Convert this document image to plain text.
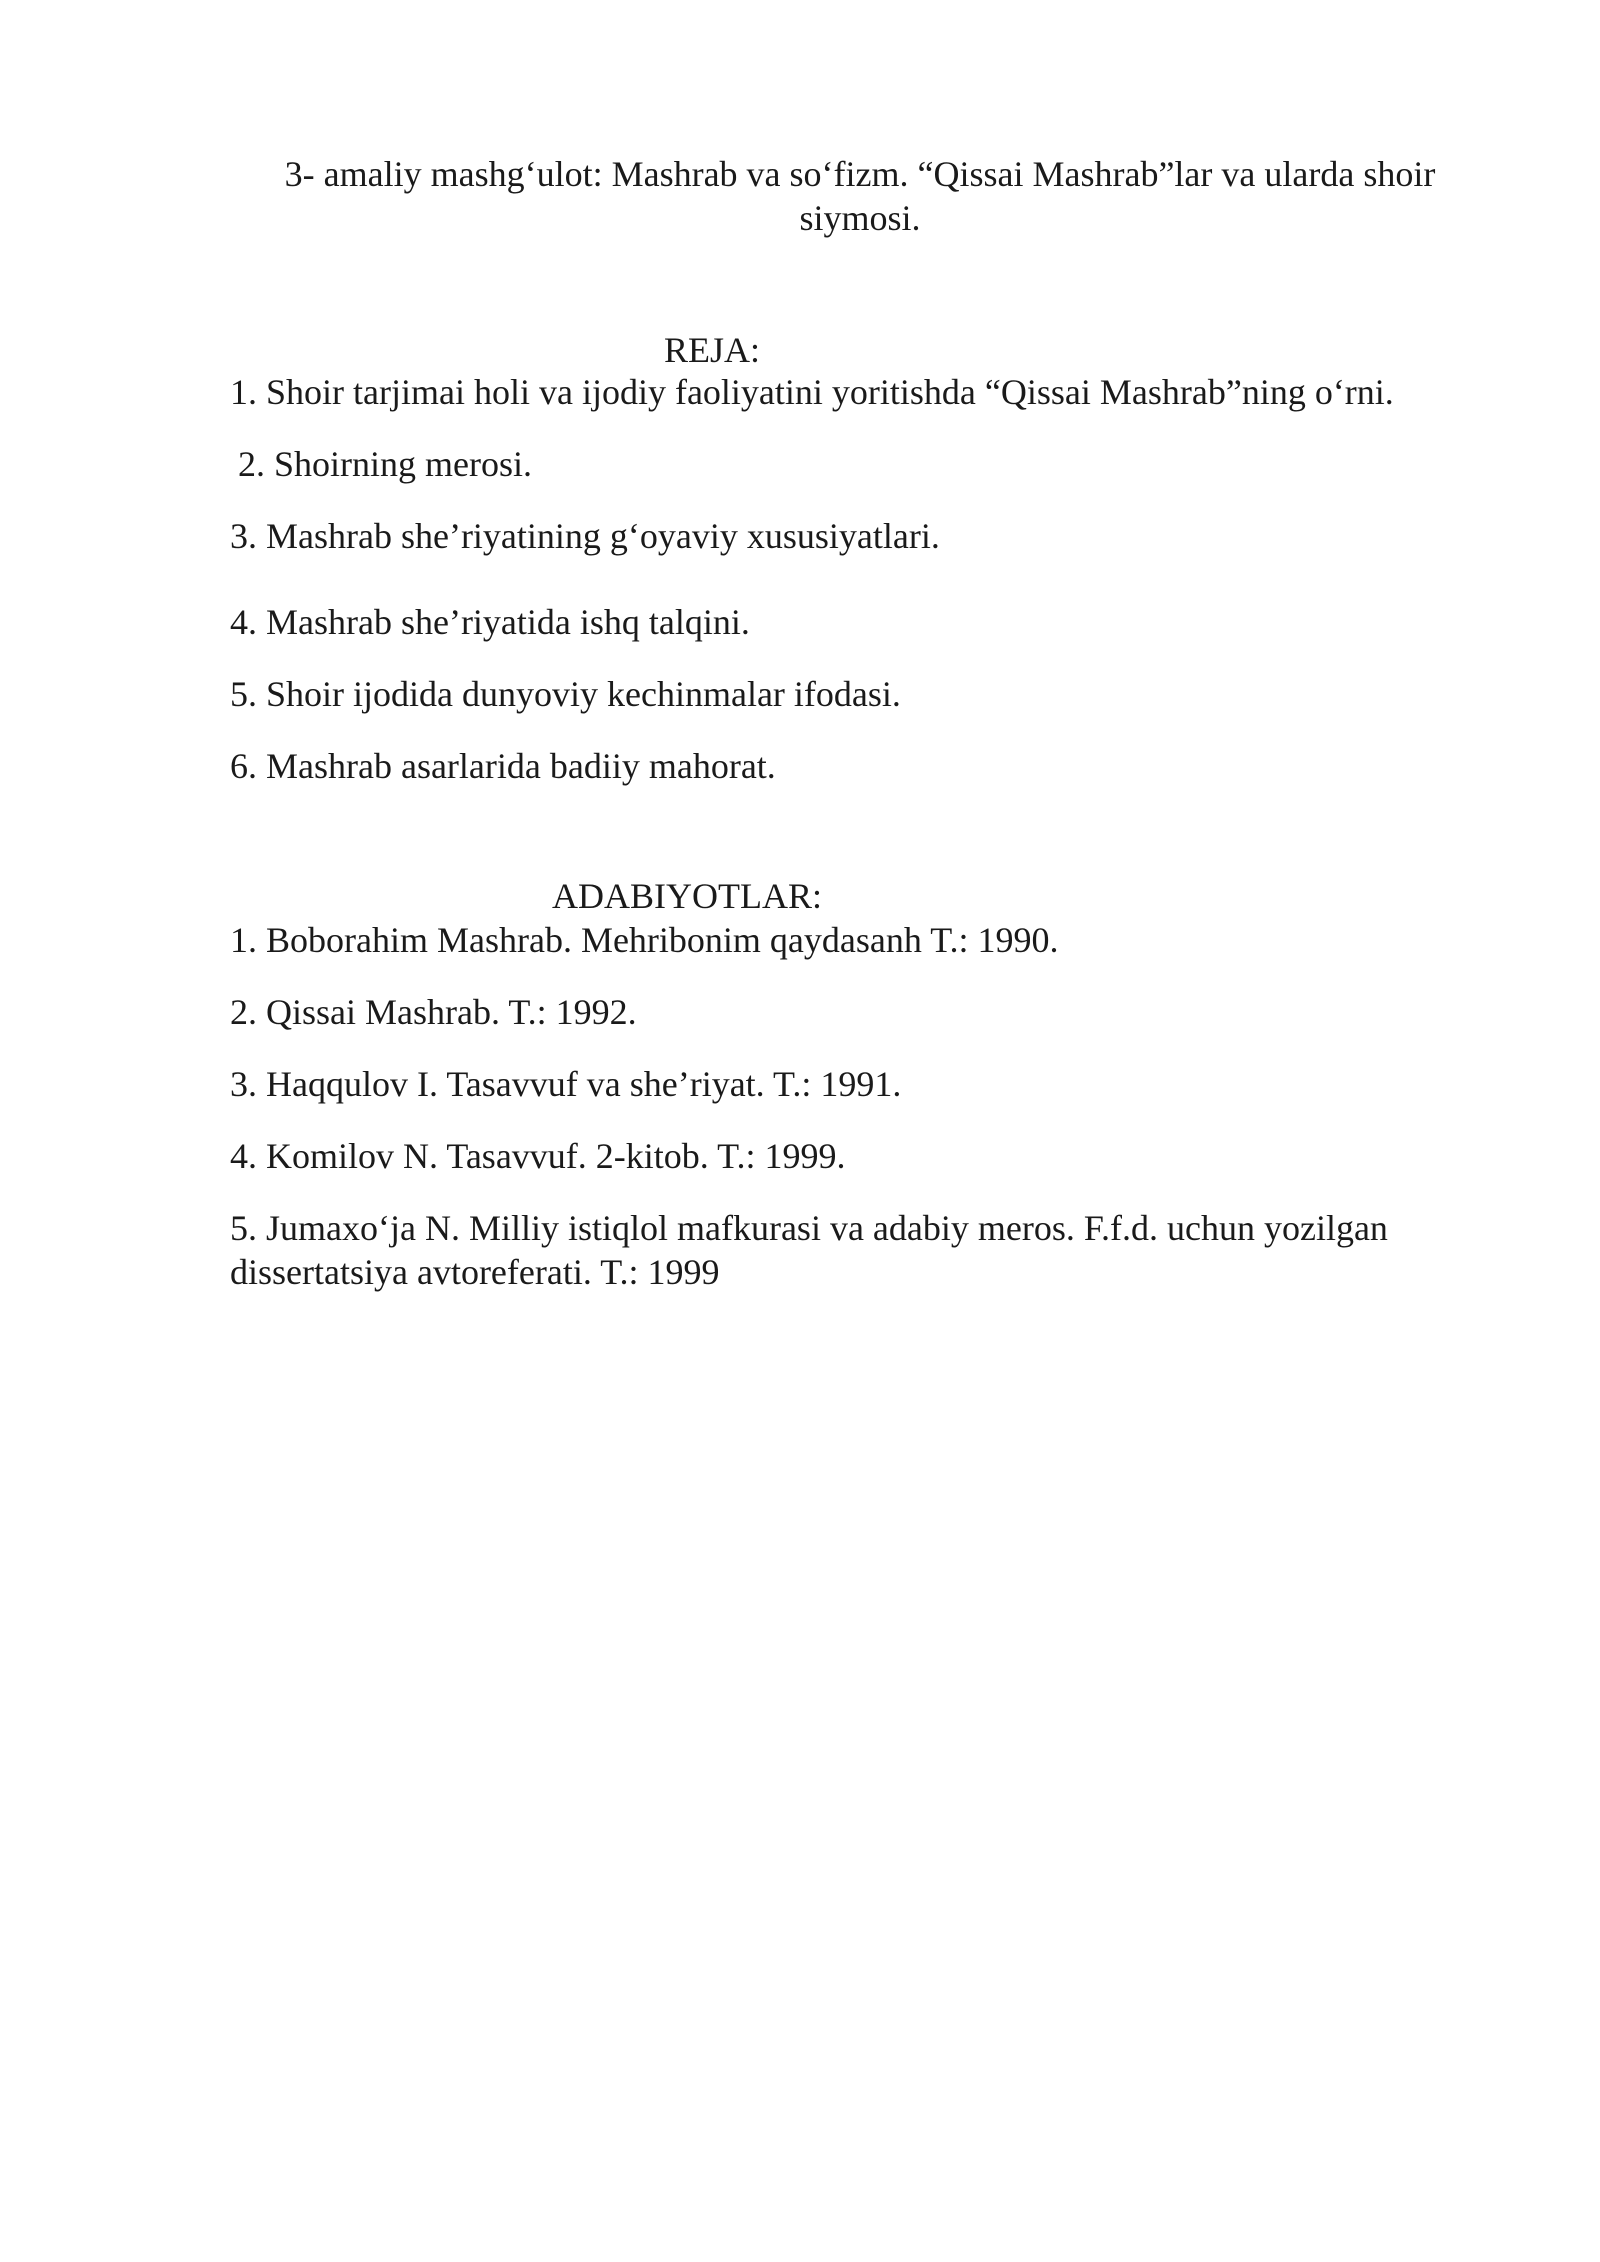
3- amaliy mashg‘ulot: Mashrab va so‘fizm. “Qissai Mashrab”lar va ularda shoir siymosi.

REJA:

1. Shoir tarjimai holi va ijodiy faoliyatini yoritishda “Qissai Mashrab”ning o‘rni.

2. Shoirning merosi.

3. Mashrab she’riyatining g‘oyaviy xususiyatlari.

4. Mashrab she’riyatida ishq talqini.

5. Shoir ijodida dunyoviy kechinmalar ifodasi.

6. Mashrab asarlarida badiiy mahorat.

ADABIYOTLAR:

1. Boborahim Mashrab. Mehribonim qaydasanh T.: 1990.

2. Qissai Mashrab. T.: 1992.

3. Haqqulov I. Tasavvuf va she’riyat. T.: 1991.

4. Komilov N. Tasavvuf. 2-kitob. T.: 1999.

5. Jumaxo‘ja N. Milliy istiqlol mafkurasi va adabiy meros. F.f.d. uchun yozilgan dissertatsiya avtoreferati. T.: 1999
